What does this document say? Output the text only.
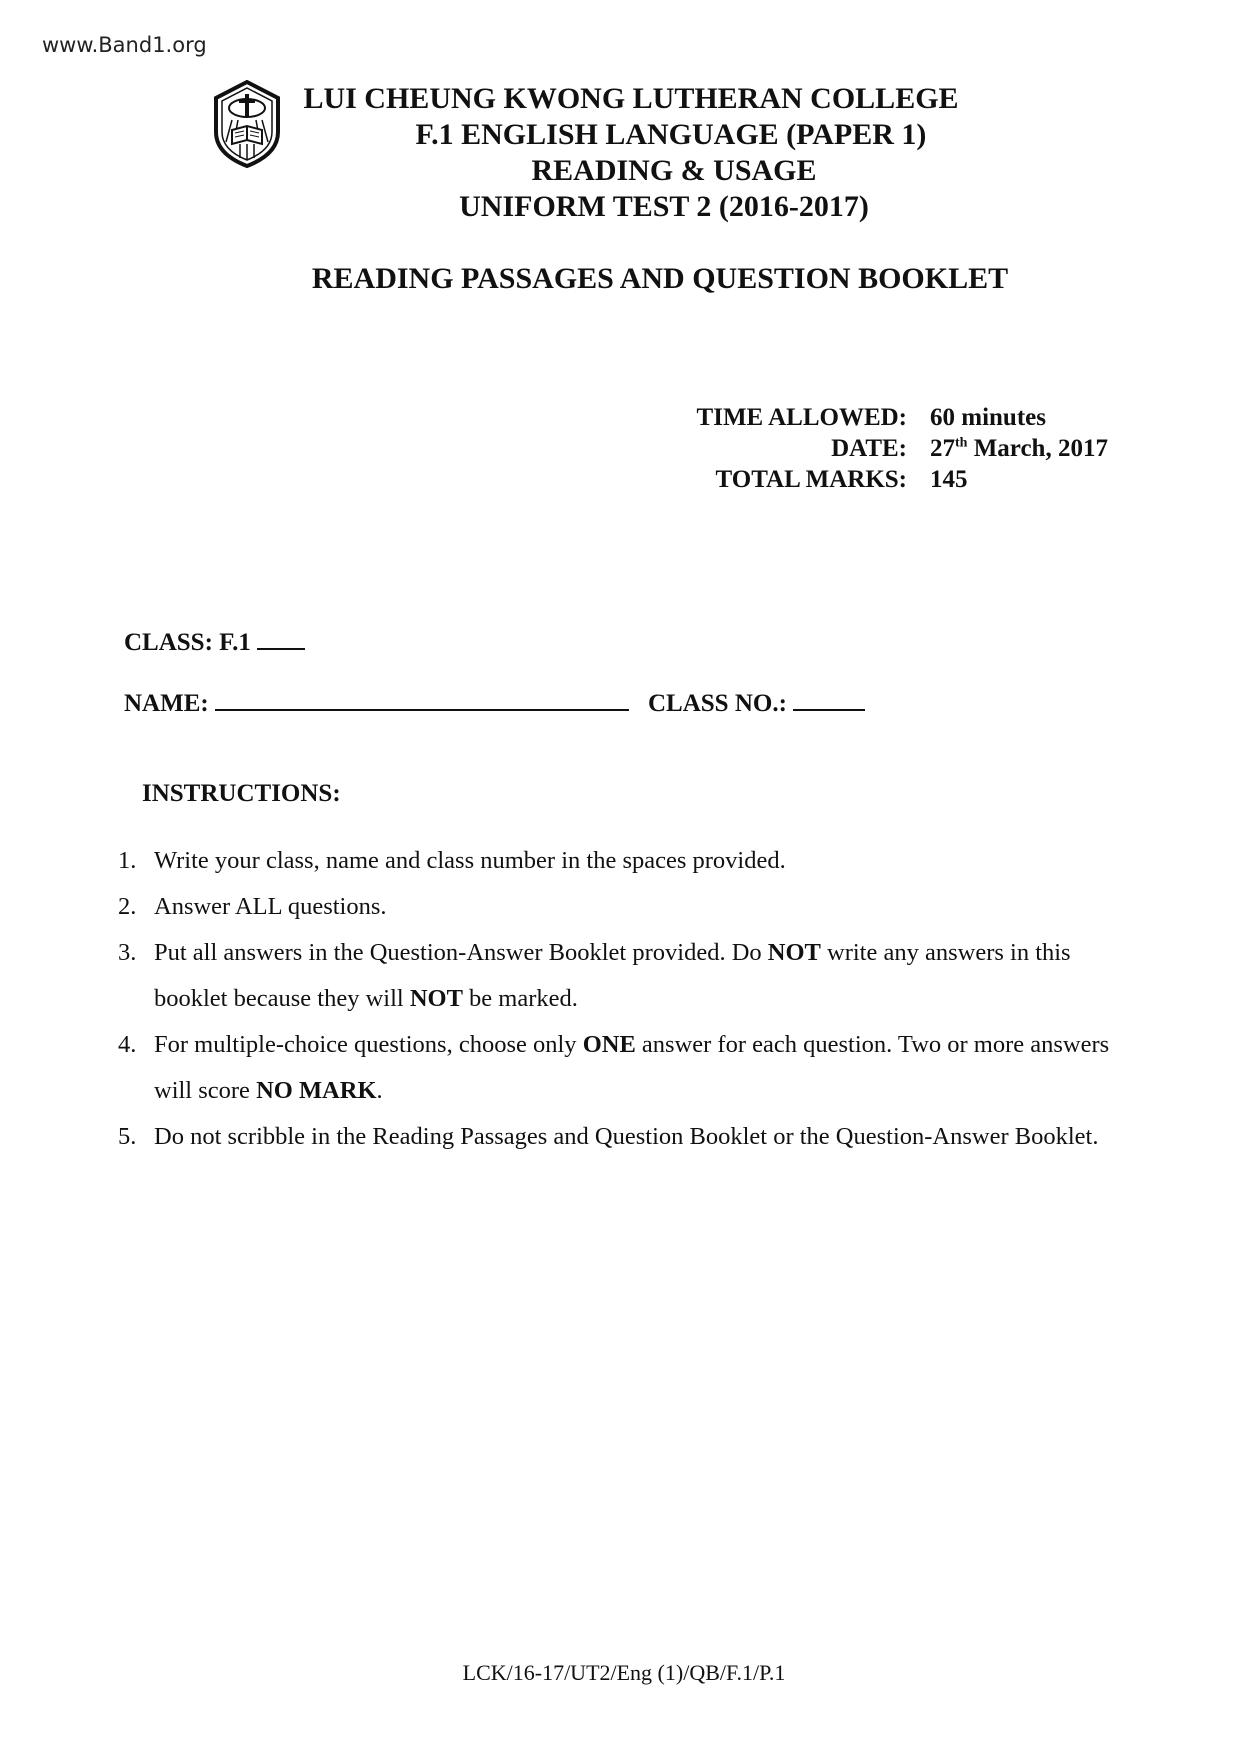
www.Band1.org
LUI CHEUNG KWONG LUTHERAN COLLEGE
F.1 ENGLISH LANGUAGE (PAPER 1)
READING & USAGE
UNIFORM TEST 2 (2016-2017)
READING PASSAGES AND QUESTION BOOKLET
TIME ALLOWED: 60 minutes
DATE: 27th March, 2017
TOTAL MARKS: 145
CLASS: F.1
NAME:	CLASS NO.:
INSTRUCTIONS:
1. Write your class, name and class number in the spaces provided.
2. Answer ALL questions.
3. Put all answers in the Question-Answer Booklet provided. Do NOT write any answers in this booklet because they will NOT be marked.
4. For multiple-choice questions, choose only ONE answer for each question. Two or more answers will score NO MARK.
5. Do not scribble in the Reading Passages and Question Booklet or the Question-Answer Booklet.
LCK/16-17/UT2/Eng (1)/QB/F.1/P.1
